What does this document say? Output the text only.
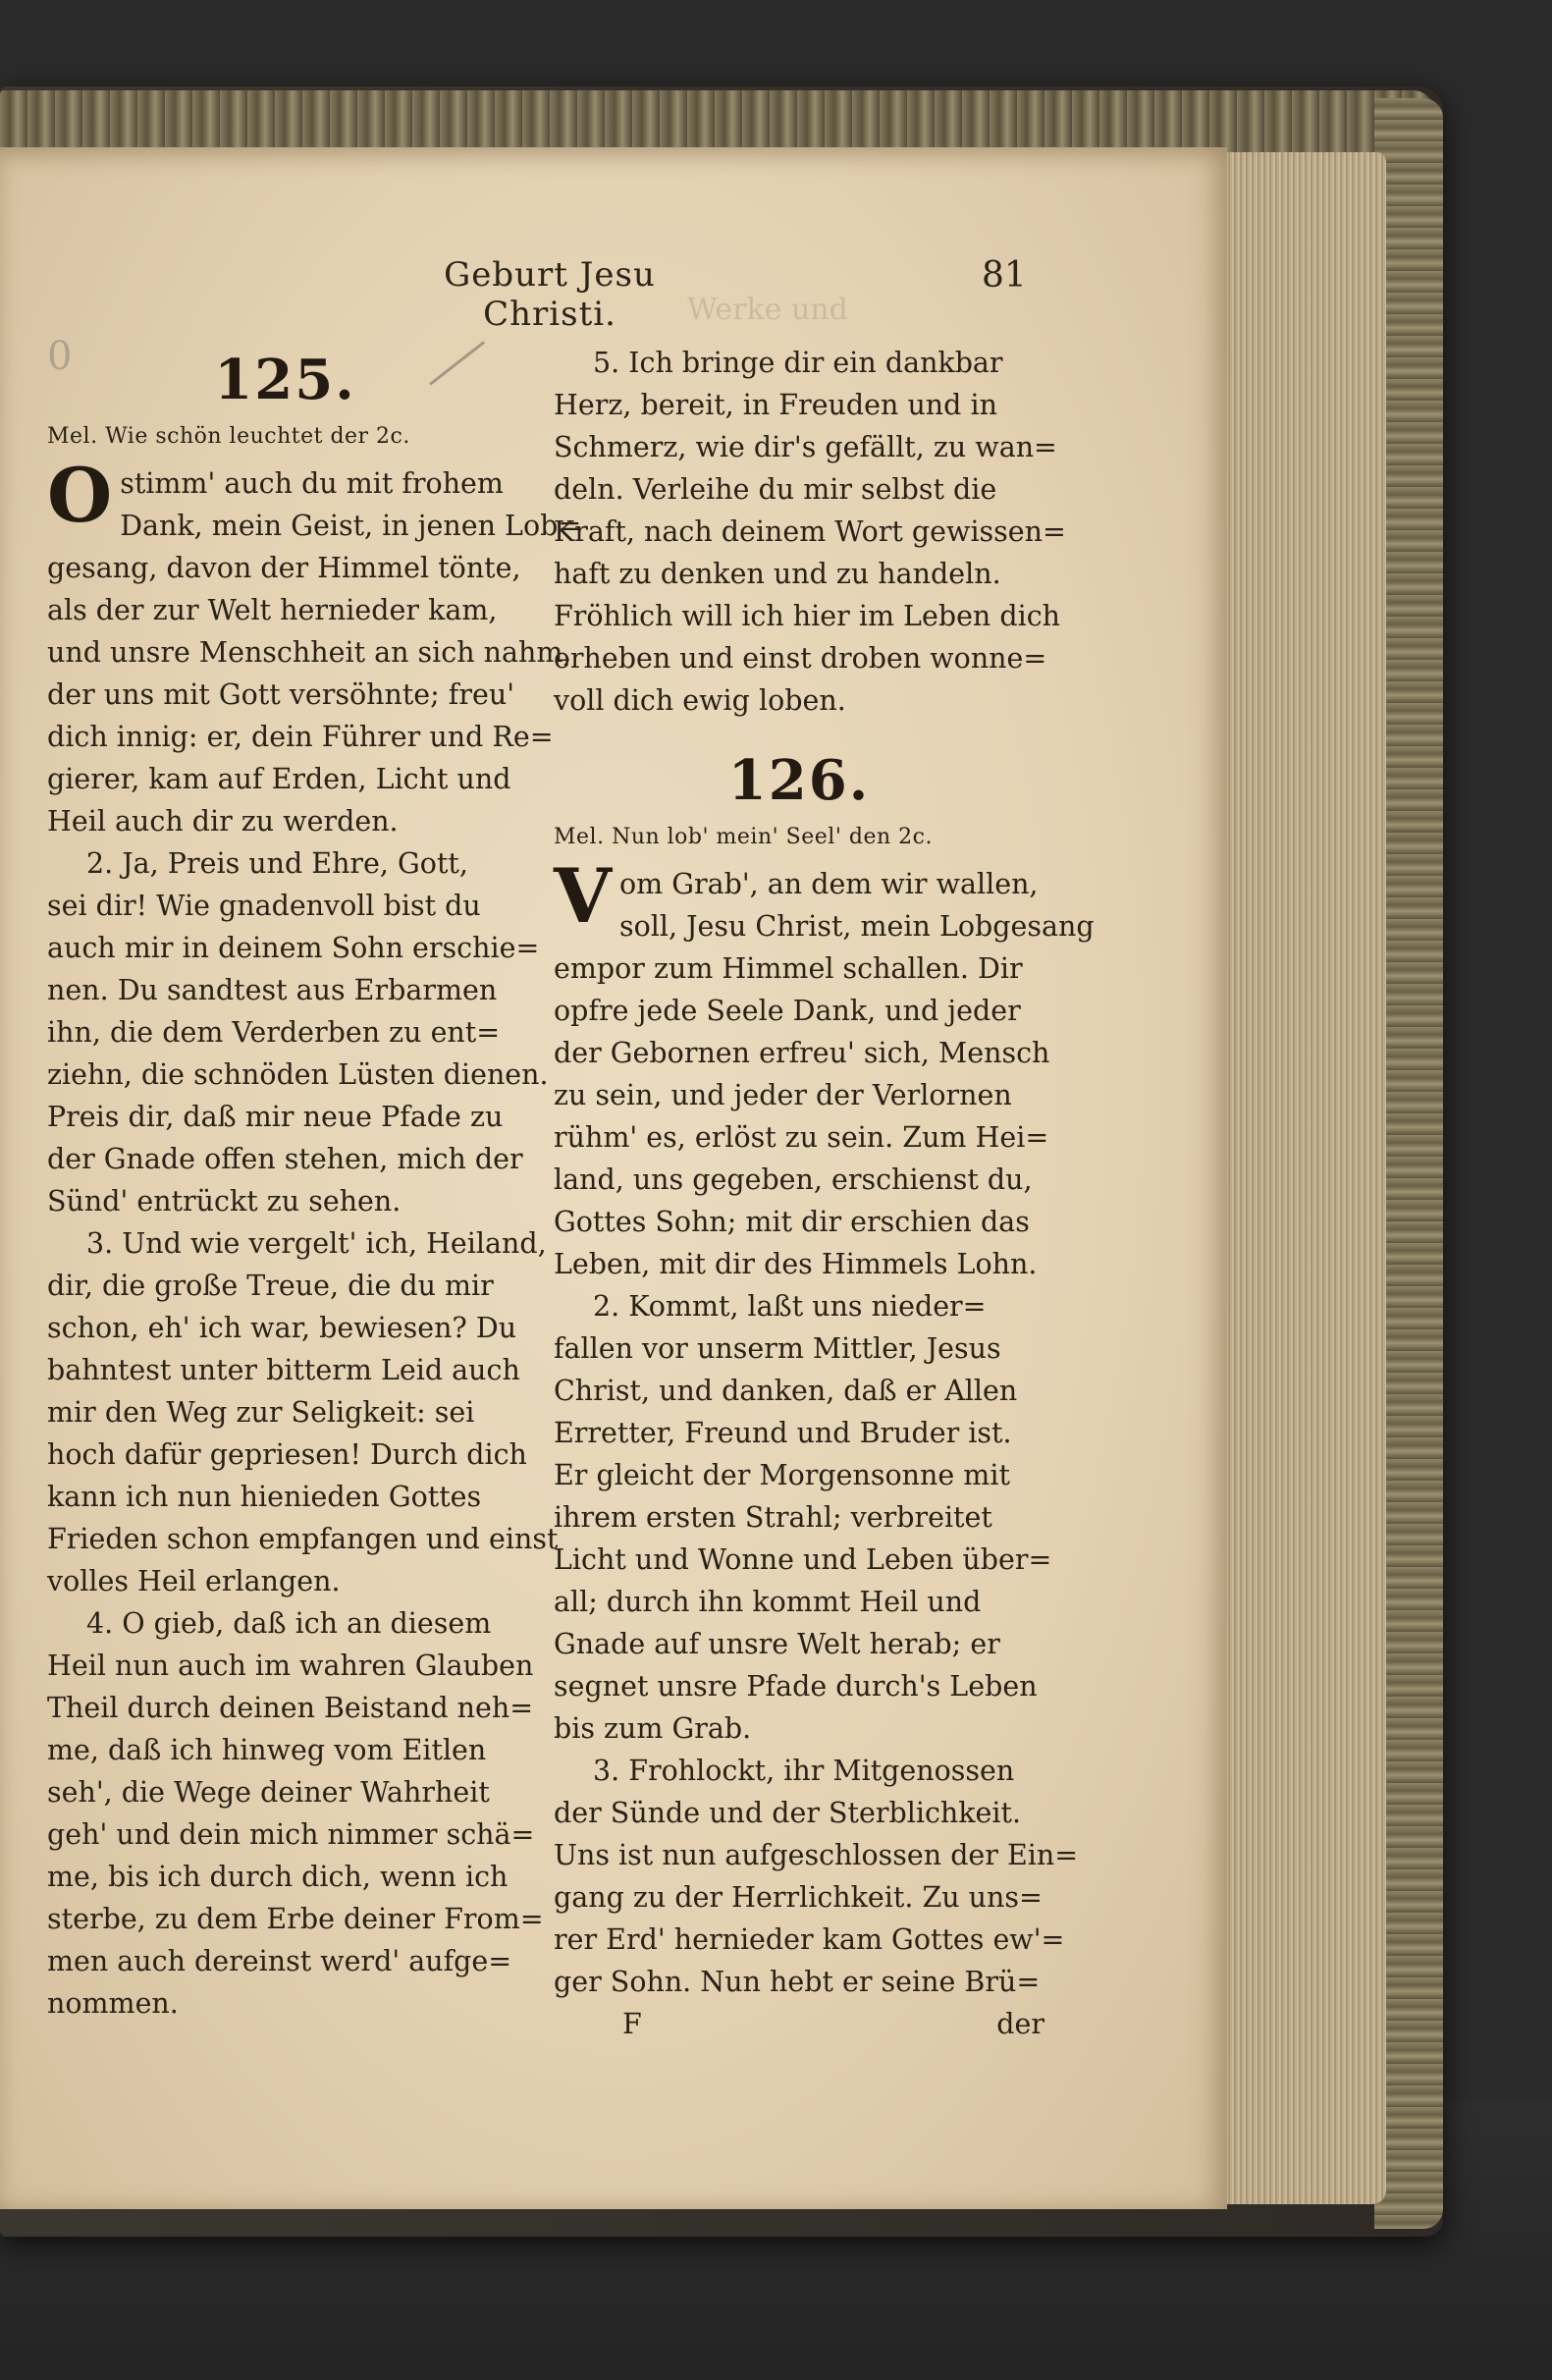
Geburt Jesu Christi.
81
Werke und
0	125.
Mel. Wie schön leuchtet der 2c.
O stimm' auch du mit frohem
Dank, mein Geist, in jenen Lob=
gesang, davon der Himmel tönte,
als der zur Welt hernieder kam,
und unsre Menschheit an sich nahm,
der uns mit Gott versöhnte; freu'
dich innig: er, dein Führer und Re=
gierer, kam auf Erden, Licht und
Heil auch dir zu werden.
2. Ja, Preis und Ehre, Gott,
sei dir! Wie gnadenvoll bist du
auch mir in deinem Sohn erschie=
nen. Du sandtest aus Erbarmen
ihn, die dem Verderben zu ent=
ziehn, die schnöden Lüsten dienen.
Preis dir, daß mir neue Pfade zu
der Gnade offen stehen, mich der
Sünd' entrückt zu sehen.
3. Und wie vergelt' ich, Heiland,
dir, die große Treue, die du mir
schon, eh' ich war, bewiesen? Du
bahntest unter bitterm Leid auch
mir den Weg zur Seligkeit: sei
hoch dafür gepriesen! Durch dich
kann ich nun hienieden Gottes
Frieden schon empfangen und einst
volles Heil erlangen.
4. O gieb, daß ich an diesem
Heil nun auch im wahren Glauben
Theil durch deinen Beistand neh=
me, daß ich hinweg vom Eitlen
seh', die Wege deiner Wahrheit
geh' und dein mich nimmer schä=
me, bis ich durch dich, wenn ich
sterbe, zu dem Erbe deiner From=
men auch dereinst werd' aufge=
nommen.
5. Ich bringe dir ein dankbar
Herz, bereit, in Freuden und in
Schmerz, wie dir's gefällt, zu wan=
deln. Verleihe du mir selbst die
Kraft, nach deinem Wort gewissen=
haft zu denken und zu handeln.
Fröhlich will ich hier im Leben dich
erheben und einst droben wonne=
voll dich ewig loben.
126.
Mel. Nun lob' mein' Seel' den 2c.
V om Grab', an dem wir wallen,
soll, Jesu Christ, mein Lobgesang
empor zum Himmel schallen. Dir
opfre jede Seele Dank, und jeder
der Gebornen erfreu' sich, Mensch
zu sein, und jeder der Verlornen
rühm' es, erlöst zu sein. Zum Hei=
land, uns gegeben, erschienst du,
Gottes Sohn; mit dir erschien das
Leben, mit dir des Himmels Lohn.
2. Kommt, laßt uns nieder=
fallen vor unserm Mittler, Jesus
Christ, und danken, daß er Allen
Erretter, Freund und Bruder ist.
Er gleicht der Morgensonne mit
ihrem ersten Strahl; verbreitet
Licht und Wonne und Leben über=
all; durch ihn kommt Heil und
Gnade auf unsre Welt herab; er
segnet unsre Pfade durch's Leben
bis zum Grab.
3. Frohlockt, ihr Mitgenossen
der Sünde und der Sterblichkeit.
Uns ist nun aufgeschlossen der Ein=
gang zu der Herrlichkeit. Zu uns=
rer Erd' hernieder kam Gottes ew'=
ger Sohn. Nun hebt er seine Brü=
F	der
